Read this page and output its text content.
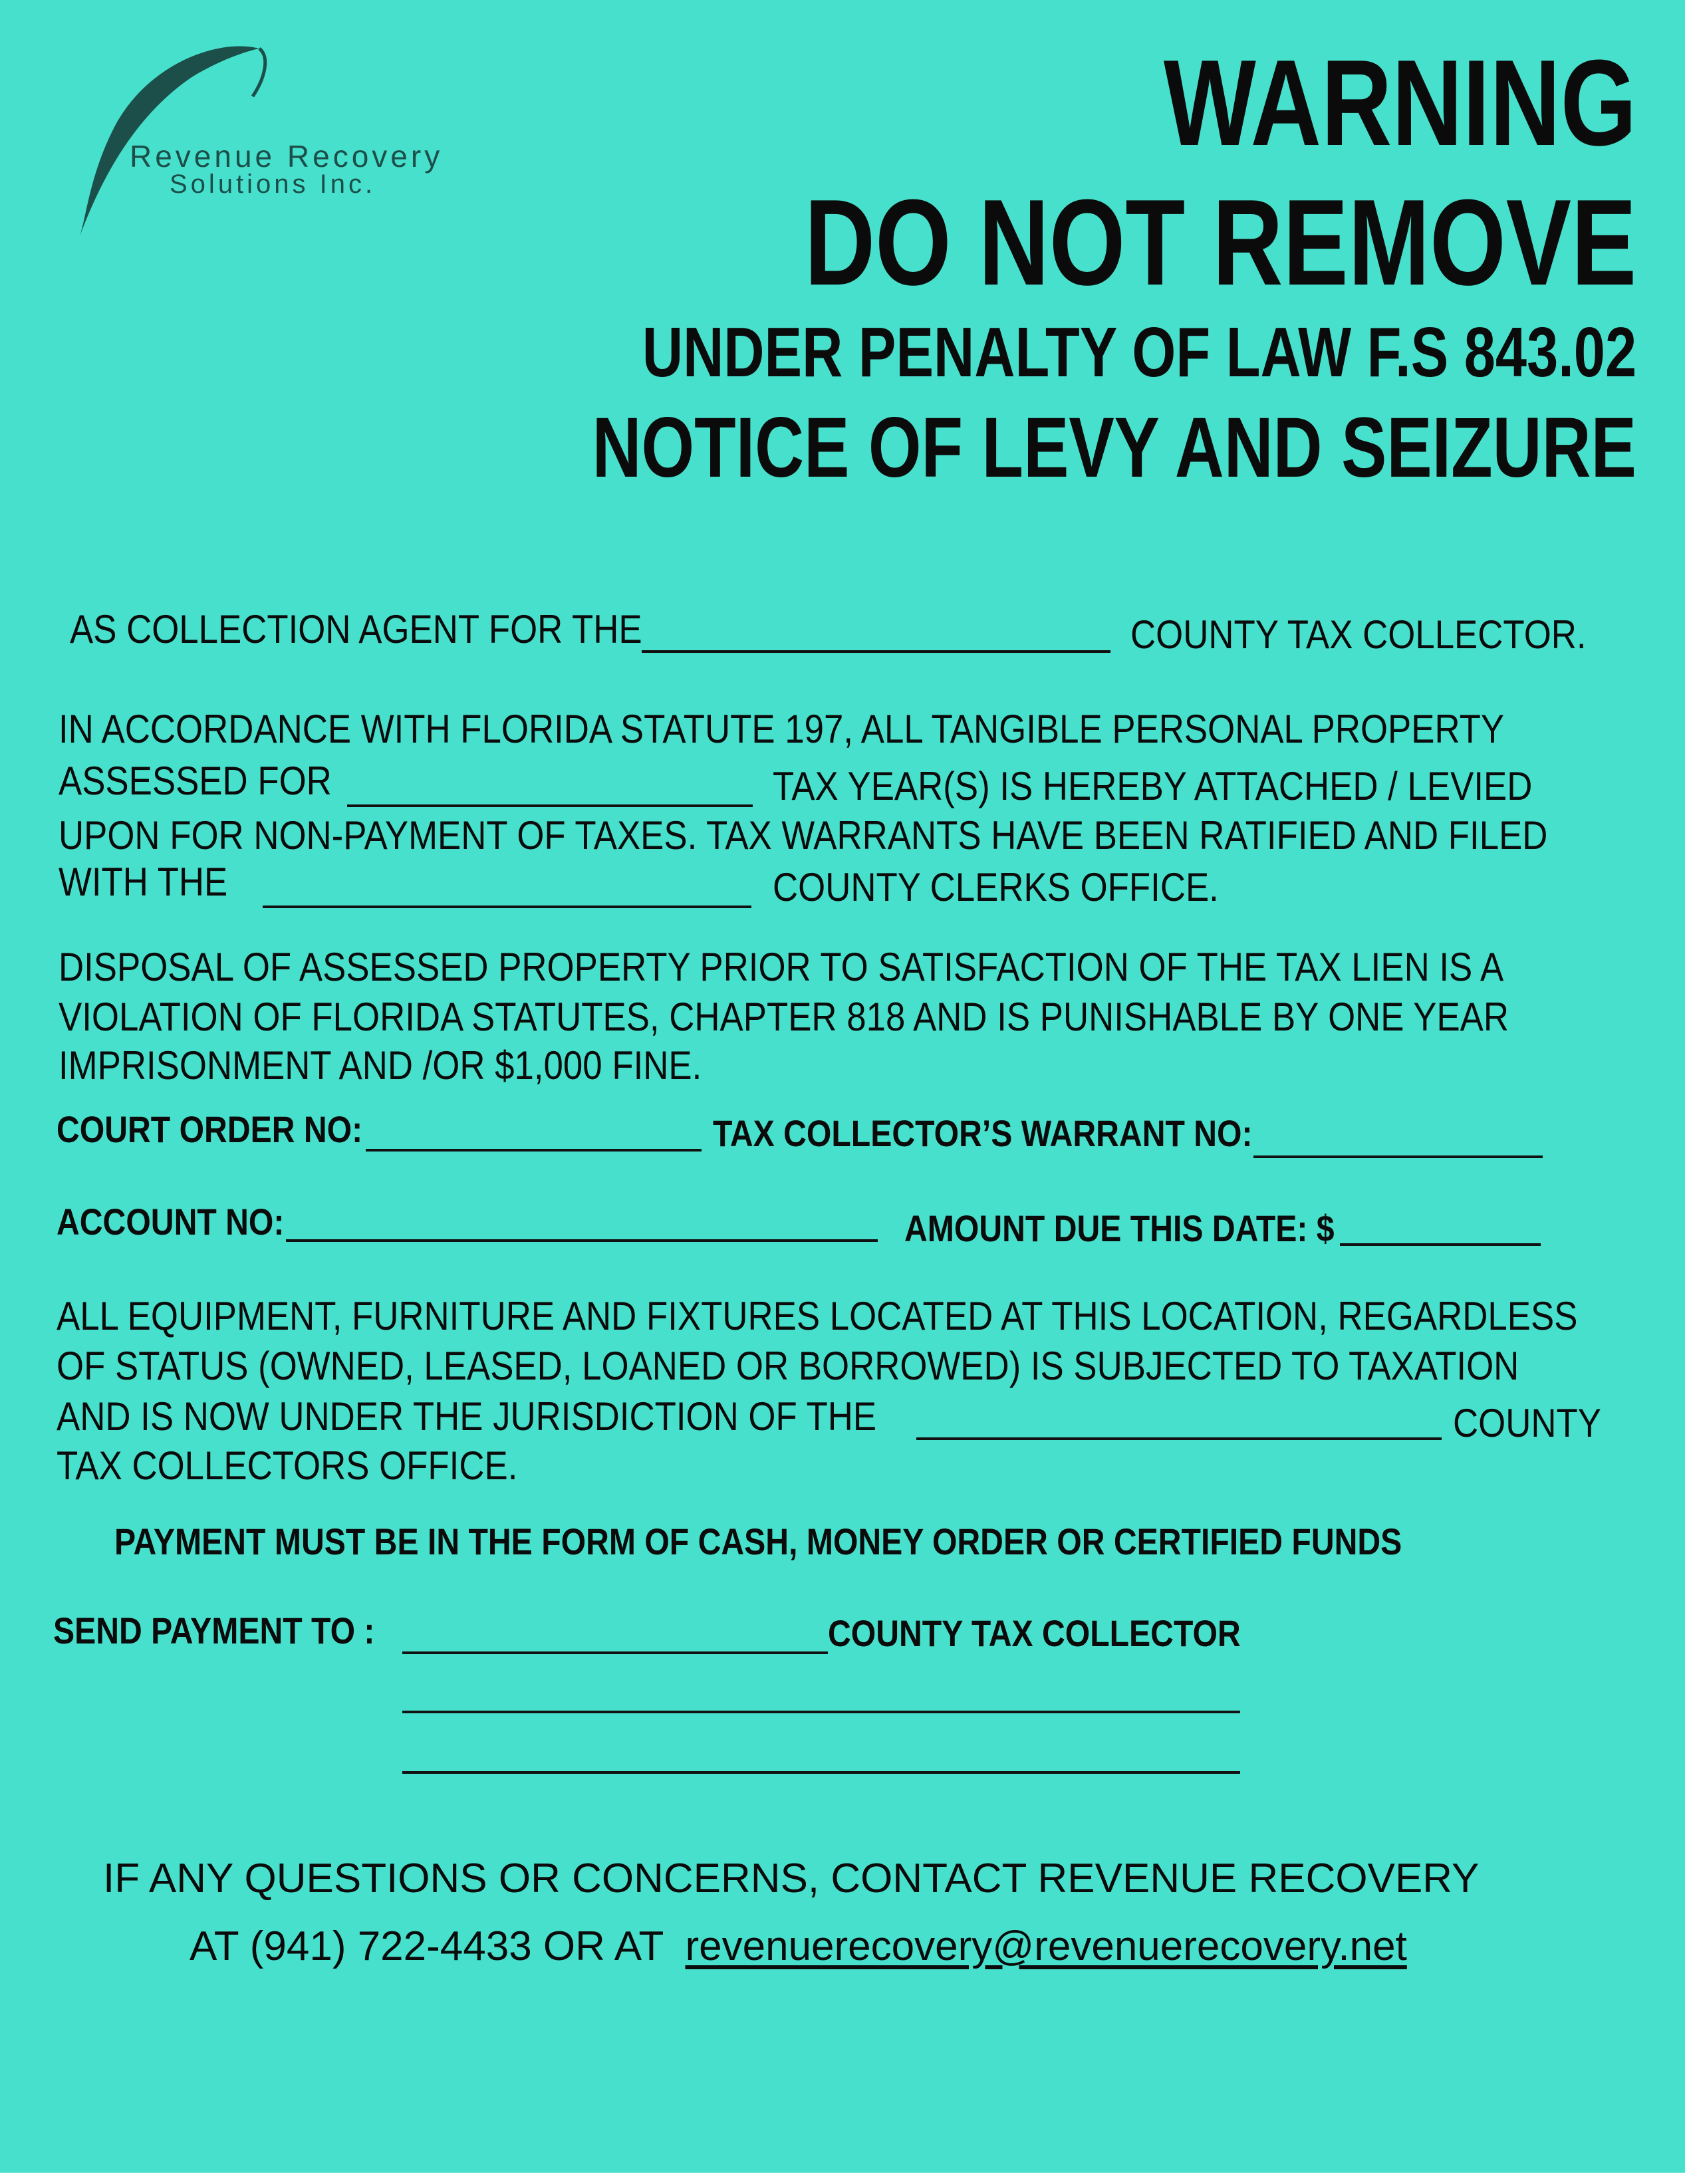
Revenue Recovery
Solutions Inc.
WARNING
DO NOT REMOVE
UNDER PENALTY OF LAW F.S 843.02
NOTICE OF LEVY AND SEIZURE
AS COLLECTION AGENT FOR THE	COUNTY TAX COLLECTOR.
IN ACCORDANCE WITH FLORIDA STATUTE 197, ALL TANGIBLE PERSONAL PROPERTY
ASSESSED FOR	TAX YEAR(S) IS HEREBY ATTACHED / LEVIED
UPON FOR NON-PAYMENT OF TAXES. TAX WARRANTS HAVE BEEN RATIFIED AND FILED
WITH THE	COUNTY CLERKS OFFICE.
DISPOSAL OF ASSESSED PROPERTY PRIOR TO SATISFACTION OF THE TAX LIEN IS A
VIOLATION OF FLORIDA STATUTES, CHAPTER 818 AND IS PUNISHABLE BY ONE YEAR
IMPRISONMENT AND /OR $1,000 FINE.
COURT ORDER NO:	TAX COLLECTOR’S WARRANT NO:
ACCOUNT NO:	AMOUNT DUE THIS DATE: $
ALL EQUIPMENT, FURNITURE AND FIXTURES LOCATED AT THIS LOCATION, REGARDLESS
OF STATUS (OWNED, LEASED, LOANED OR BORROWED) IS SUBJECTED TO TAXATION
AND IS NOW UNDER THE JURISDICTION OF THE	COUNTY
TAX COLLECTORS OFFICE.
PAYMENT MUST BE IN THE FORM OF CASH, MONEY ORDER OR CERTIFIED FUNDS
SEND PAYMENT TO :	COUNTY TAX COLLECTOR
IF ANY QUESTIONS OR CONCERNS, CONTACT REVENUE RECOVERY
AT (941) 722-4433 OR AT revenuerecovery@revenuerecovery.net
